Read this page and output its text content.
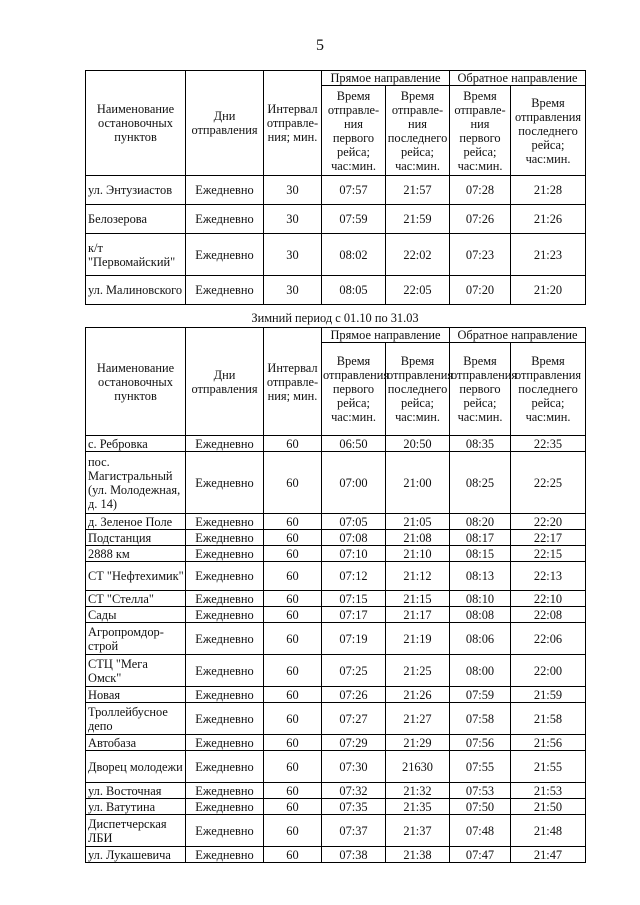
5
Наименование остановочных пунктов	Дни отправления	Интервал отправле-ния; мин.	Прямое направление		Обратное направление	
			Время отправле-ния первого рейса; час:мин.	Время отправле-ния последнего рейса; час:мин.	Время отправле-ния первого рейса; час:мин.	Время отправления последнего рейса; час:мин.
ул. Энтузиастов	Ежедневно	30	07:57	21:57	07:28	21:28
Белозерова	Ежедневно	30	07:59	21:59	07:26	21:26
к/т "Первомайский"	Ежедневно	30	08:02	22:02	07:23	21:23
ул. Малиновского	Ежедневно	30	08:05	22:05	07:20	21:20
Зимний период с 01.10 по 31.03
Наименование остановочных пунктов	Дни отправления	Интервал отправле-ния; мин.	Прямое направление		Обратное направление	
			Время отправления первого рейса; час:мин.	Время отправления последнего рейса; час:мин.	Время отправления первого рейса; час:мин.	Время отправления последнего рейса; час:мин.
с. Ребровка	Ежедневно	60	06:50	20:50	08:35	22:35
пос. Магистральный (ул. Молодежная, д. 14)	Ежедневно	60	07:00	21:00	08:25	22:25
д. Зеленое Поле	Ежедневно	60	07:05	21:05	08:20	22:20
Подстанция	Ежедневно	60	07:08	21:08	08:17	22:17
2888 км	Ежедневно	60	07:10	21:10	08:15	22:15
СТ "Нефтехимик"	Ежедневно	60	07:12	21:12	08:13	22:13
СТ "Стелла"	Ежедневно	60	07:15	21:15	08:10	22:10
Сады	Ежедневно	60	07:17	21:17	08:08	22:08
Агропромдор-строй	Ежедневно	60	07:19	21:19	08:06	22:06
СТЦ "Мега Омск"	Ежедневно	60	07:25	21:25	08:00	22:00
Новая	Ежедневно	60	07:26	21:26	07:59	21:59
Троллейбусное депо	Ежедневно	60	07:27	21:27	07:58	21:58
Автобаза	Ежедневно	60	07:29	21:29	07:56	21:56
Дворец молодежи	Ежедневно	60	07:30	21630	07:55	21:55
ул. Восточная	Ежедневно	60	07:32	21:32	07:53	21:53
ул. Ватутина	Ежедневно	60	07:35	21:35	07:50	21:50
Диспетчерская ЛБИ	Ежедневно	60	07:37	21:37	07:48	21:48
ул. Лукашевича	Ежедневно	60	07:38	21:38	07:47	21:47
